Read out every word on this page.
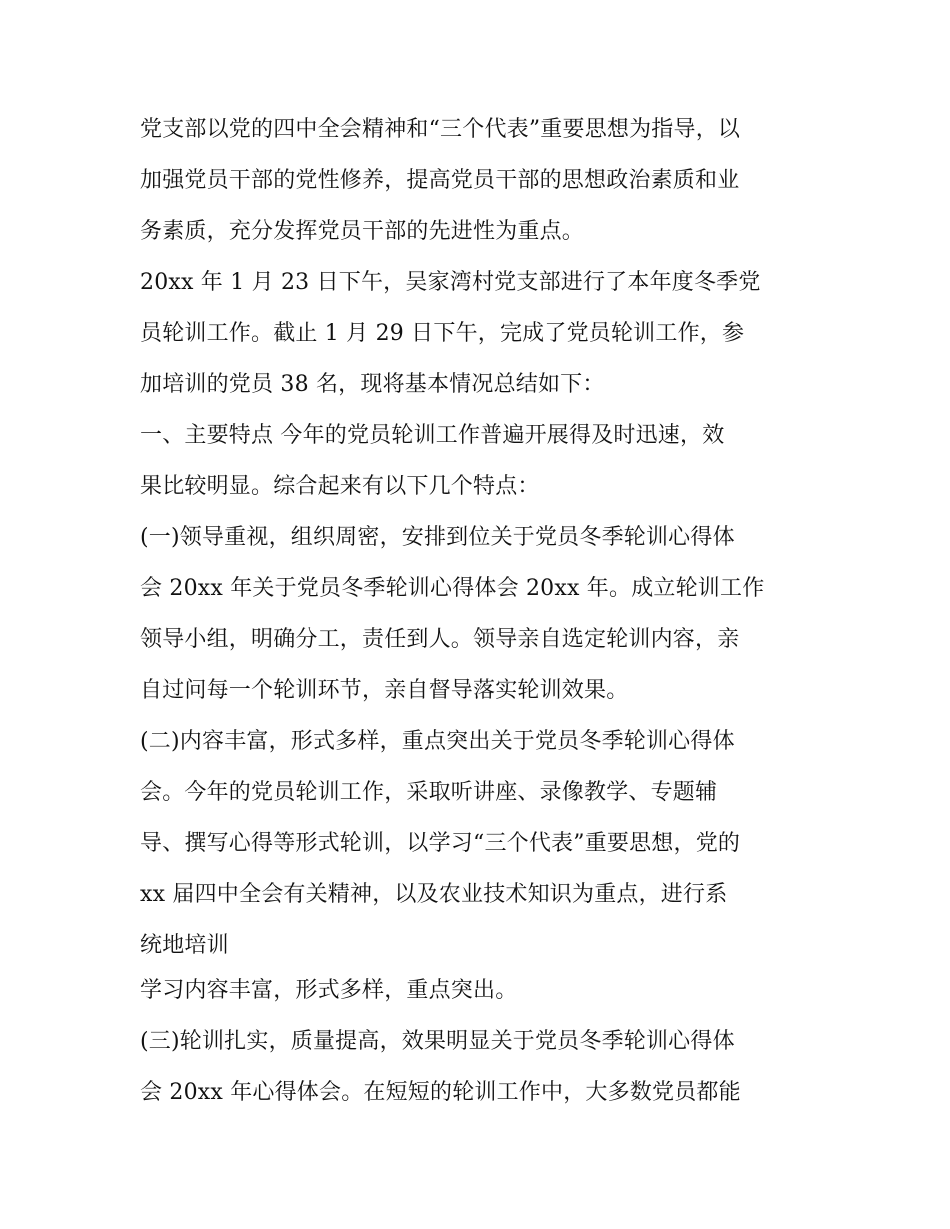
党支部以党的四中全会精神和“三个代表”重要思想为指导，以
加强党员干部的党性修养，提高党员干部的思想政治素质和业
务素质，充分发挥党员干部的先进性为重点。
20xx 年 1 月 23 日下午，吴家湾村党支部进行了本年度冬季党
员轮训工作。截止 1 月 29 日下午，完成了党员轮训工作，参
加培训的党员 38 名，现将基本情况总结如下：
一、主要特点 今年的党员轮训工作普遍开展得及时迅速，效
果比较明显。综合起来有以下几个特点：
(一)领导重视，组织周密，安排到位关于党员冬季轮训心得体
会 20xx 年关于党员冬季轮训心得体会 20xx 年。成立轮训工作
领导小组，明确分工，责任到人。领导亲自选定轮训内容，亲
自过问每一个轮训环节，亲自督导落实轮训效果。
(二)内容丰富，形式多样，重点突出关于党员冬季轮训心得体
会。今年的党员轮训工作，采取听讲座、录像教学、专题辅
导、撰写心得等形式轮训，以学习“三个代表”重要思想，党的
xx 届四中全会有关精神，以及农业技术知识为重点，进行系
统地培训
学习内容丰富，形式多样，重点突出。
(三)轮训扎实，质量提高，效果明显关于党员冬季轮训心得体
会 20xx 年心得体会。在短短的轮训工作中，大多数党员都能
